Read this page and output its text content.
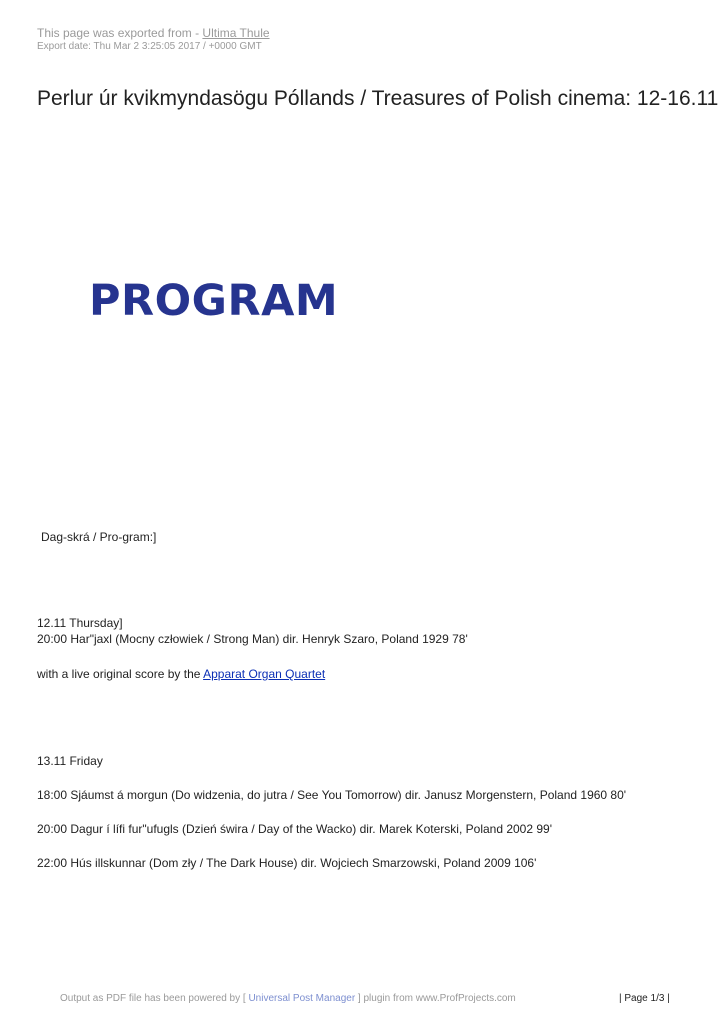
This page was exported from - Ultima Thule
Export date: Thu Mar 2 3:25:05 2017 / +0000 GMT
Perlur úr kvikmyndasögu Póllands / Treasures of Polish cinema: 12-16.11
PROGRAM
Dag-skrá / Pro-gram:]
12.11 Thursday]
20:00 Har"jaxl (Mocny człowiek / Strong Man) dir. Henryk Szaro, Poland 1929 78'
with a live original score by the Apparat Organ Quartet
13.11 Friday
18:00 Sjáumst á morgun (Do widzenia, do jutra / See You Tomorrow) dir. Janusz Morgenstern, Poland 1960 80'
20:00 Dagur í lífi fur"ufugls (Dzień świra / Day of the Wacko) dir. Marek Koterski, Poland 2002 99'
22:00 Hús illskunnar (Dom zły / The Dark House) dir. Wojciech Smarzowski, Poland 2009 106'
Output as PDF file has been powered by [ Universal Post Manager ] plugin from www.ProfProjects.com	| Page 1/3 |
